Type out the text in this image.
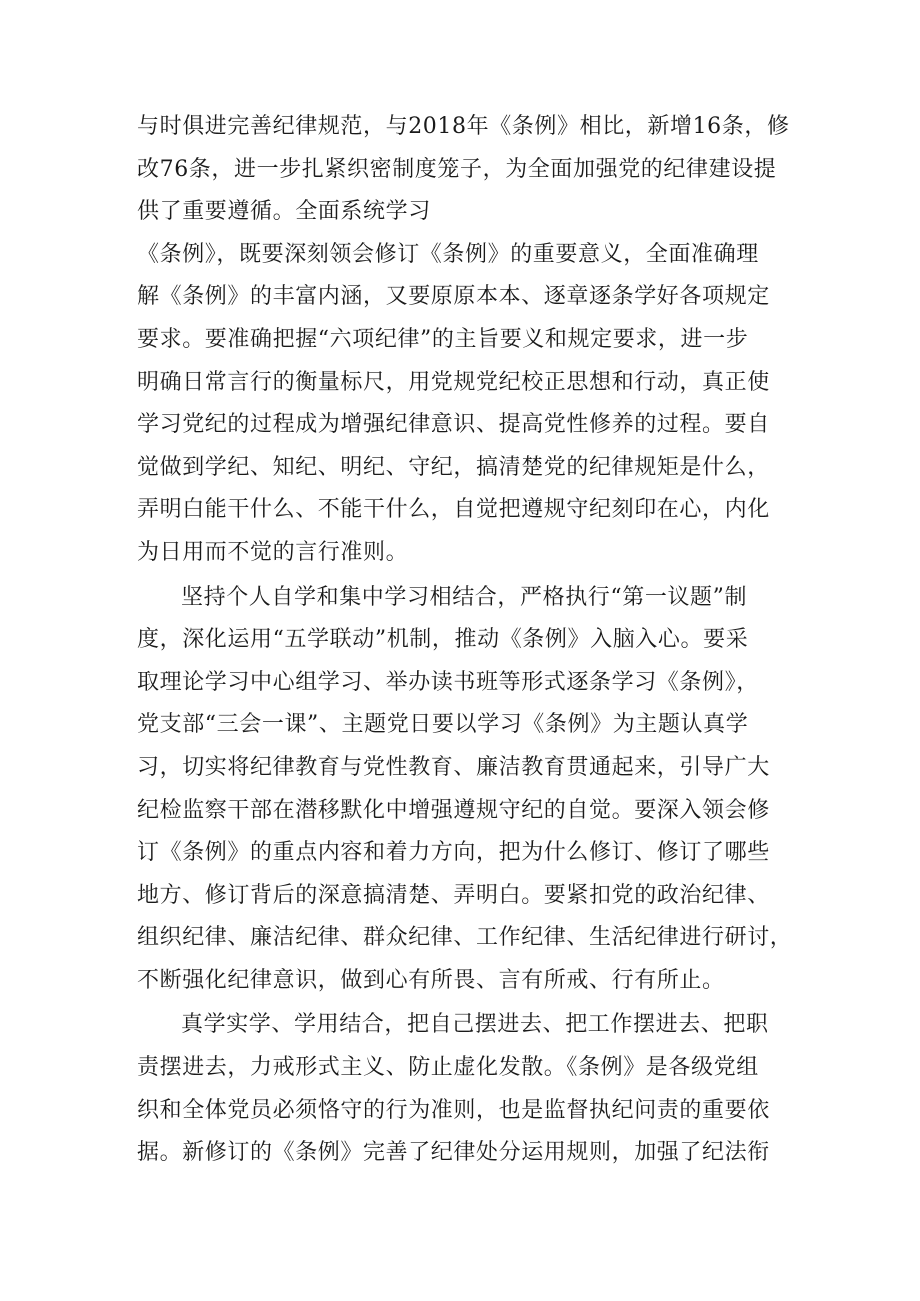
与时俱进完善纪律规范，与2018年《条例》相比，新增16条，修
改76条，进一步扎紧织密制度笼子，为全面加强党的纪律建设提
供了重要遵循。全面系统学习
《条例》，既要深刻领会修订《条例》的重要意义，全面准确理
解《条例》的丰富内涵，又要原原本本、逐章逐条学好各项规定
要求。要准确把握“六项纪律”的主旨要义和规定要求，进一步
明确日常言行的衡量标尺，用党规党纪校正思想和行动，真正使
学习党纪的过程成为增强纪律意识、提高党性修养的过程。要自
觉做到学纪、知纪、明纪、守纪，搞清楚党的纪律规矩是什么，
弄明白能干什么、不能干什么，自觉把遵规守纪刻印在心，内化
为日用而不觉的言行准则。
坚持个人自学和集中学习相结合，严格执行“第一议题”制
度，深化运用“五学联动”机制，推动《条例》入脑入心。要采
取理论学习中心组学习、举办读书班等形式逐条学习《条例》，
党支部“三会一课”、主题党日要以学习《条例》为主题认真学
习，切实将纪律教育与党性教育、廉洁教育贯通起来，引导广大
纪检监察干部在潜移默化中增强遵规守纪的自觉。要深入领会修
订《条例》的重点内容和着力方向，把为什么修订、修订了哪些
地方、修订背后的深意搞清楚、弄明白。要紧扣党的政治纪律、
组织纪律、廉洁纪律、群众纪律、工作纪律、生活纪律进行研讨，
不断强化纪律意识，做到心有所畏、言有所戒、行有所止。
真学实学、学用结合，把自己摆进去、把工作摆进去、把职
责摆进去，力戒形式主义、防止虚化发散。《条例》是各级党组
织和全体党员必须恪守的行为准则，也是监督执纪问责的重要依
据。新修订的《条例》完善了纪律处分运用规则，加强了纪法衔
